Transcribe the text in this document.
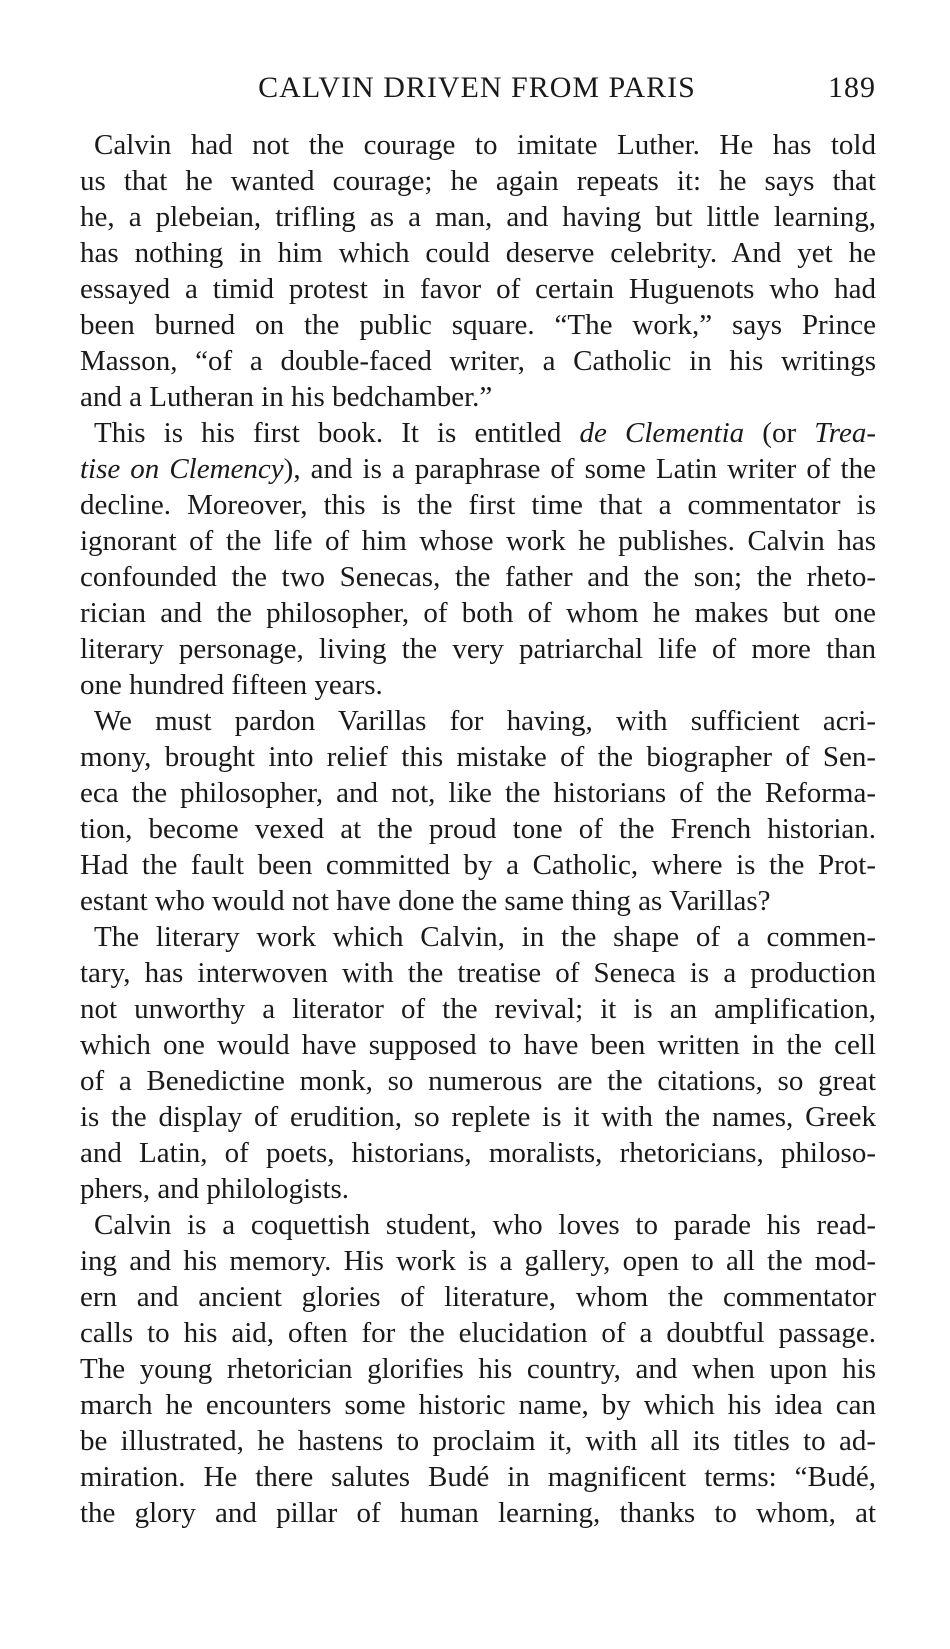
CALVIN DRIVEN FROM PARIS	189
Calvin had not the courage to imitate Luther. He has told
us that he wanted courage; he again repeats it: he says that
he, a plebeian, trifling as a man, and having but little learning,
has nothing in him which could deserve celebrity. And yet he
essayed a timid protest in favor of certain Huguenots who had
been burned on the public square. “The work,” says Prince
Masson, “of a double-faced writer, a Catholic in his writings
and a Lutheran in his bedchamber.”
This is his first book. It is entitled de Clementia (or Trea-
tise on Clemency), and is a paraphrase of some Latin writer of the
decline. Moreover, this is the first time that a commentator is
ignorant of the life of him whose work he publishes. Calvin has
confounded the two Senecas, the father and the son; the rheto-
rician and the philosopher, of both of whom he makes but one
literary personage, living the very patriarchal life of more than
one hundred fifteen years.
We must pardon Varillas for having, with sufficient acri-
mony, brought into relief this mistake of the biographer of Sen-
eca the philosopher, and not, like the historians of the Reforma-
tion, become vexed at the proud tone of the French historian.
Had the fault been committed by a Catholic, where is the Prot-
estant who would not have done the same thing as Varillas?
The literary work which Calvin, in the shape of a commen-
tary, has interwoven with the treatise of Seneca is a production
not unworthy a literator of the revival; it is an amplification,
which one would have supposed to have been written in the cell
of a Benedictine monk, so numerous are the citations, so great
is the display of erudition, so replete is it with the names, Greek
and Latin, of poets, historians, moralists, rhetoricians, philoso-
phers, and philologists.
Calvin is a coquettish student, who loves to parade his read-
ing and his memory. His work is a gallery, open to all the mod-
ern and ancient glories of literature, whom the commentator
calls to his aid, often for the elucidation of a doubtful passage.
The young rhetorician glorifies his country, and when upon his
march he encounters some historic name, by which his idea can
be illustrated, he hastens to proclaim it, with all its titles to ad-
miration. He there salutes Budé in magnificent terms: “Budé,
the glory and pillar of human learning, thanks to whom, at
